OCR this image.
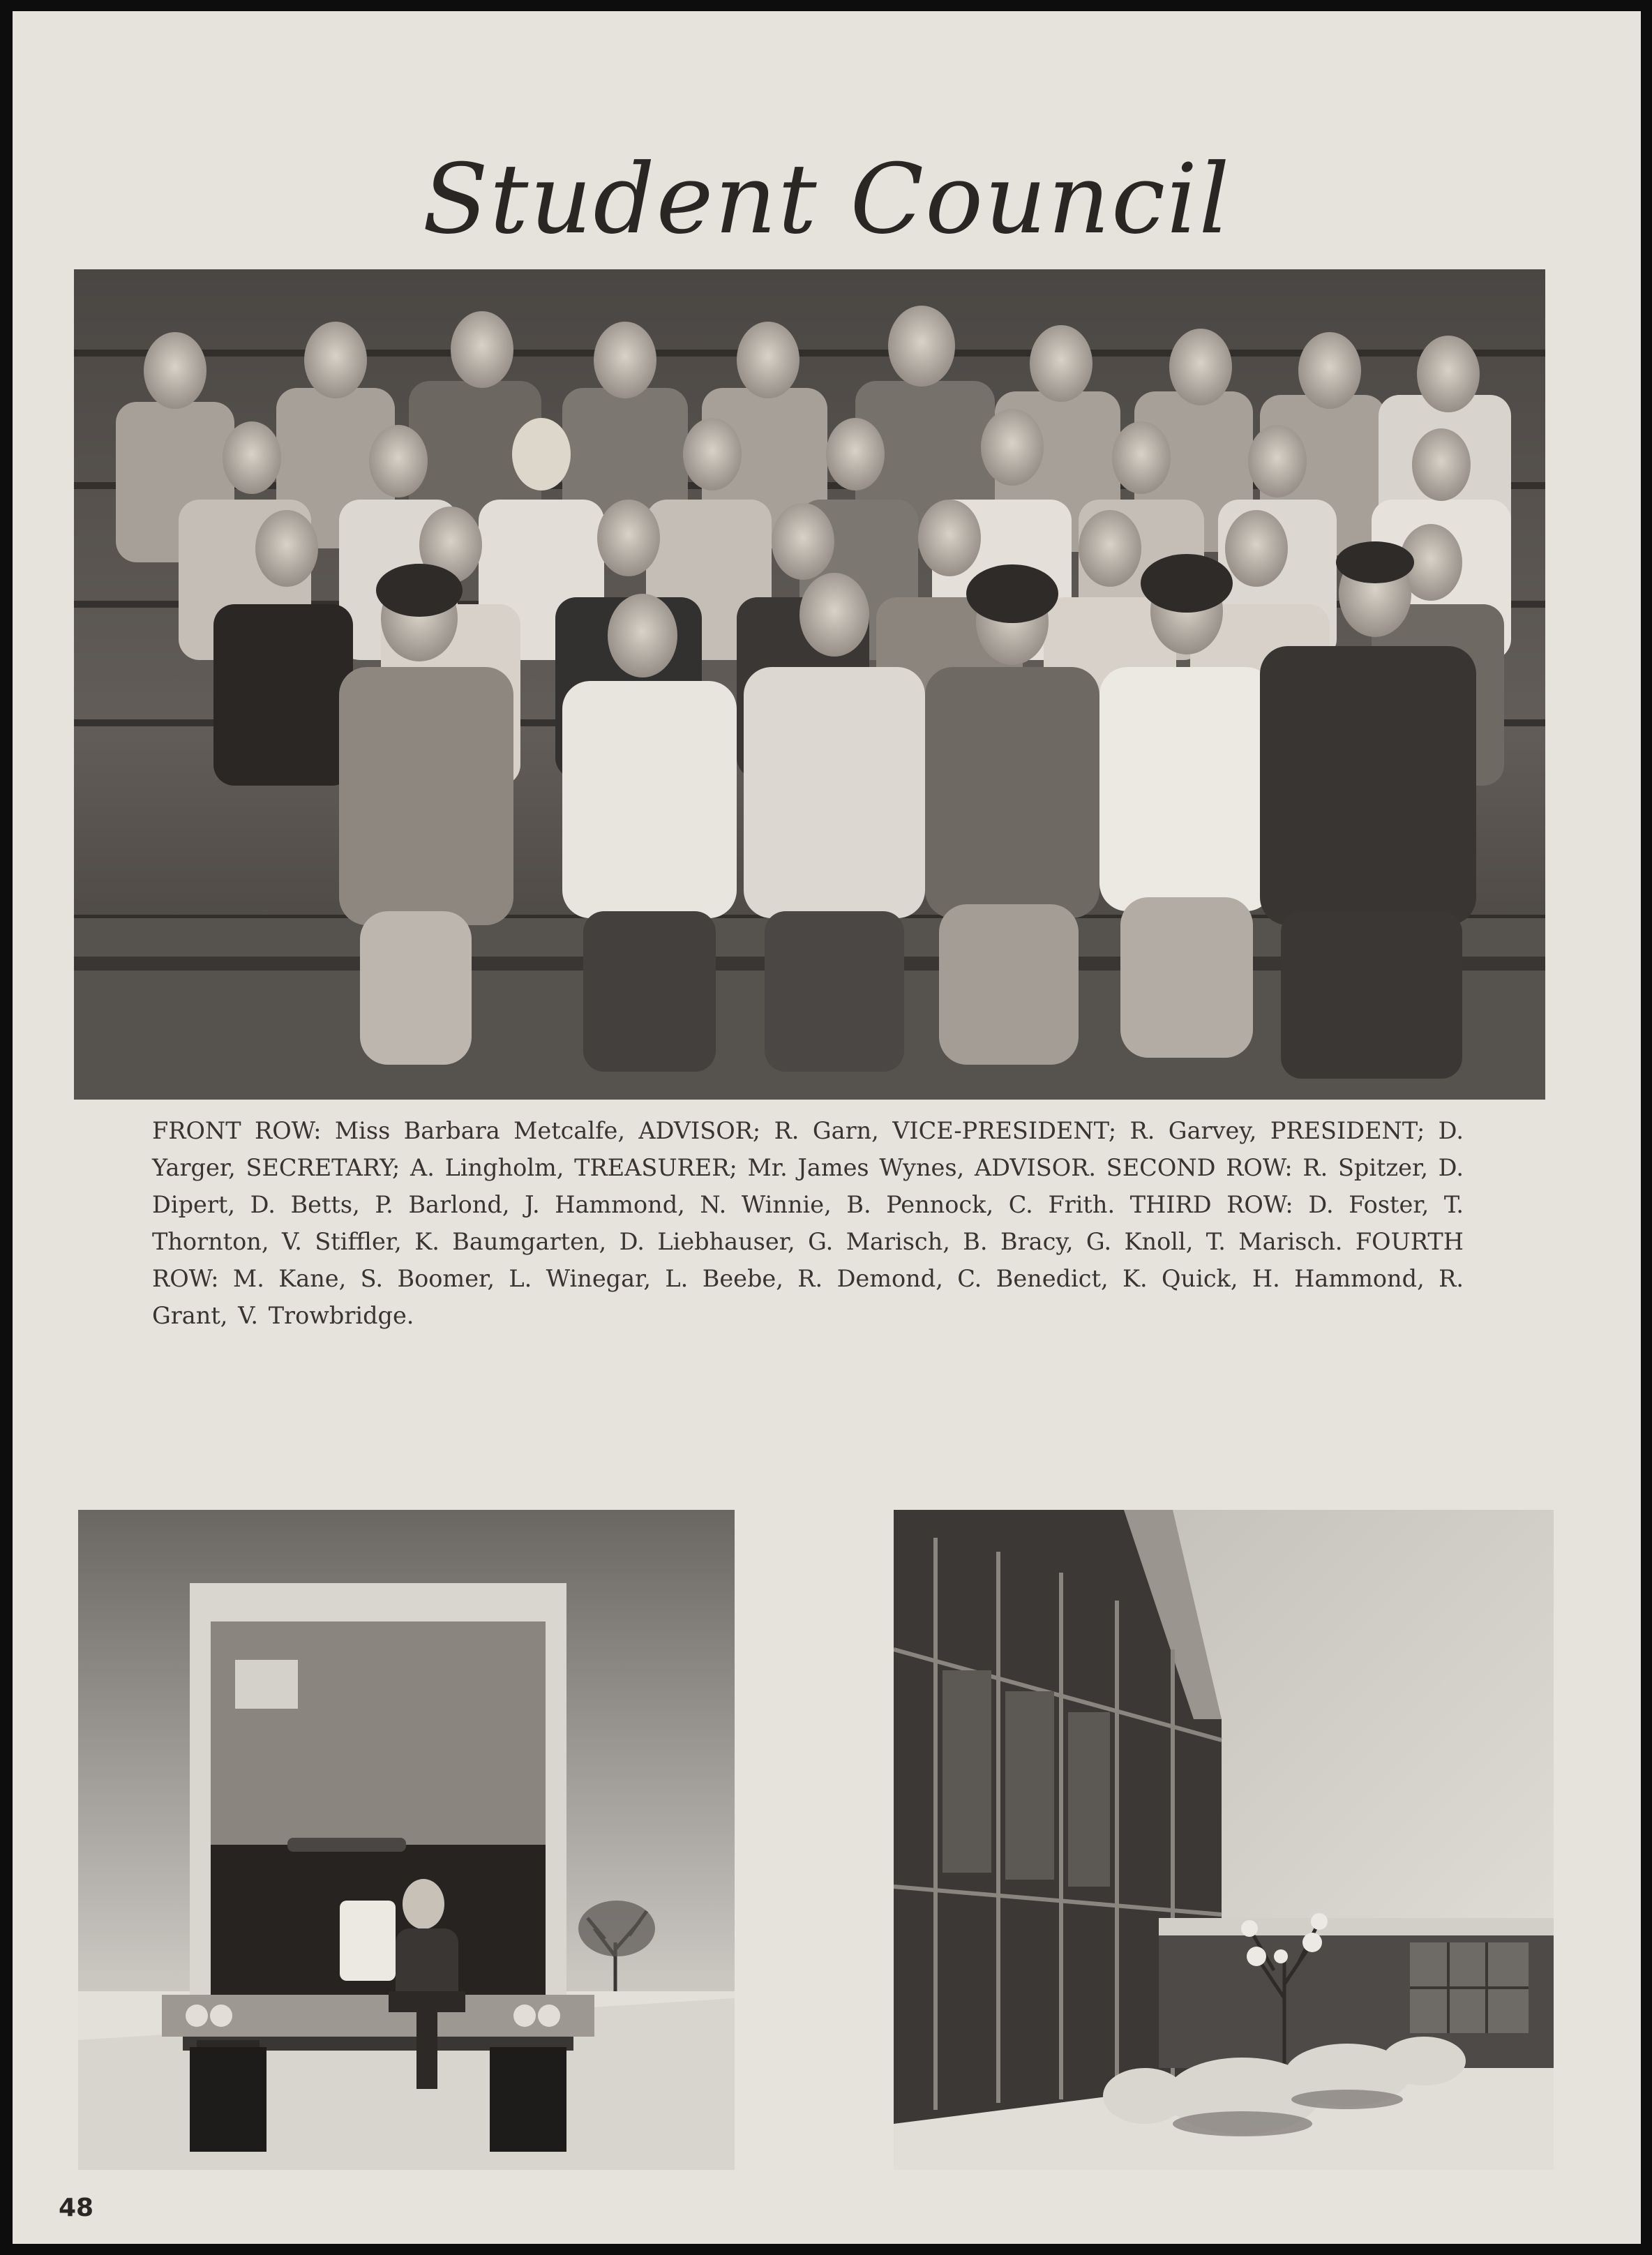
Student Council

FRONT ROW: Miss Barbara Metcalfe, ADVISOR; R. Garn, VICE-PRESIDENT; R. Garvey, PRESIDENT; D. Yarger, SECRETARY; A. Lingholm, TREASURER; Mr. James Wynes, ADVISOR. SECOND ROW: R. Spitzer, D. Dipert, D. Betts, P. Barlond, J. Hammond, N. Winnie, B. Pennock, C. Frith. THIRD ROW: D. Foster, T. Thornton, V. Stiffler, K. Baumgarten, D. Liebhauser, G. Marisch, B. Bracy, G. Knoll, T. Marisch. FOURTH ROW: M. Kane, S. Boomer, L. Winegar, L. Beebe, R. Demond, C. Benedict, K. Quick, H. Hammond, R. Grant, V. Trowbridge.

48
